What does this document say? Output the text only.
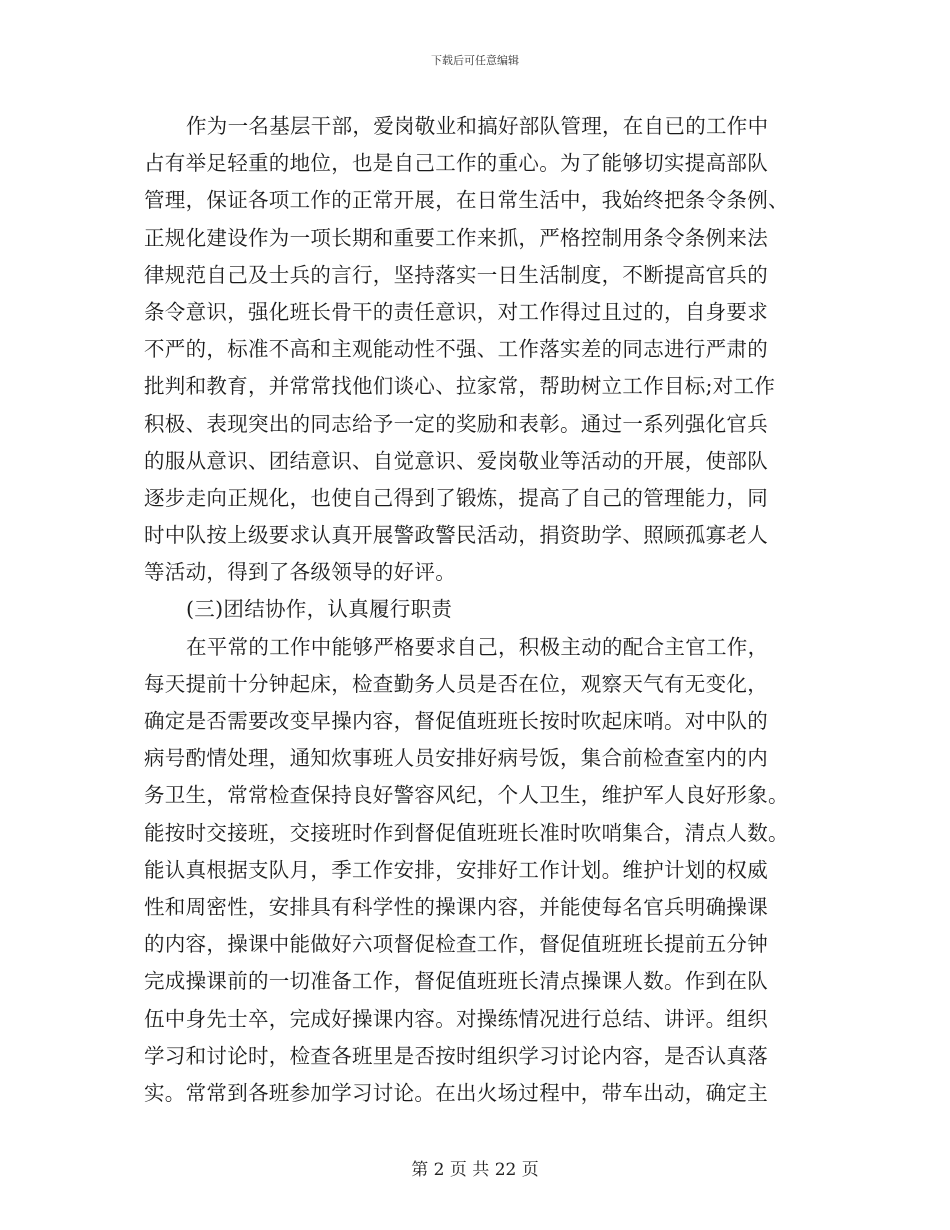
下载后可任意编辑
作为一名基层干部，爱岗敬业和搞好部队管理，在自已的工作中
占有举足轻重的地位，也是自己工作的重心。为了能够切实提高部队
管理，保证各项工作的正常开展，在日常生活中，我始终把条令条例、
正规化建设作为一项长期和重要工作来抓，严格控制用条令条例来法
律规范自己及士兵的言行，坚持落实一日生活制度，不断提高官兵的
条令意识，强化班长骨干的责任意识，对工作得过且过的，自身要求
不严的，标准不高和主观能动性不强、工作落实差的同志进行严肃的
批判和教育，并常常找他们谈心、拉家常，帮助树立工作目标;对工作
积极、表现突出的同志给予一定的奖励和表彰。通过一系列强化官兵
的服从意识、团结意识、自觉意识、爱岗敬业等活动的开展，使部队
逐步走向正规化，也使自己得到了锻炼，提高了自己的管理能力，同
时中队按上级要求认真开展警政警民活动，捐资助学、照顾孤寡老人
等活动，得到了各级领导的好评。
(三)团结协作，认真履行职责
在平常的工作中能够严格要求自己，积极主动的配合主官工作，
每天提前十分钟起床，检查勤务人员是否在位，观察天气有无变化，
确定是否需要改变早操内容，督促值班班长按时吹起床哨。对中队的
病号酌情处理，通知炊事班人员安排好病号饭，集合前检查室内的内
务卫生，常常检查保持良好警容风纪，个人卫生，维护军人良好形象。
能按时交接班，交接班时作到督促值班班长准时吹哨集合，清点人数。
能认真根据支队月，季工作安排，安排好工作计划。维护计划的权威
性和周密性，安排具有科学性的操课内容，并能使每名官兵明确操课
的内容，操课中能做好六项督促检查工作，督促值班班长提前五分钟
完成操课前的一切准备工作，督促值班班长清点操课人数。作到在队
伍中身先士卒，完成好操课内容。对操练情况进行总结、讲评。组织
学习和讨论时，检查各班里是否按时组织学习讨论内容，是否认真落
实。常常到各班参加学习讨论。在出火场过程中，带车出动，确定主
第 2 页 共 22 页
